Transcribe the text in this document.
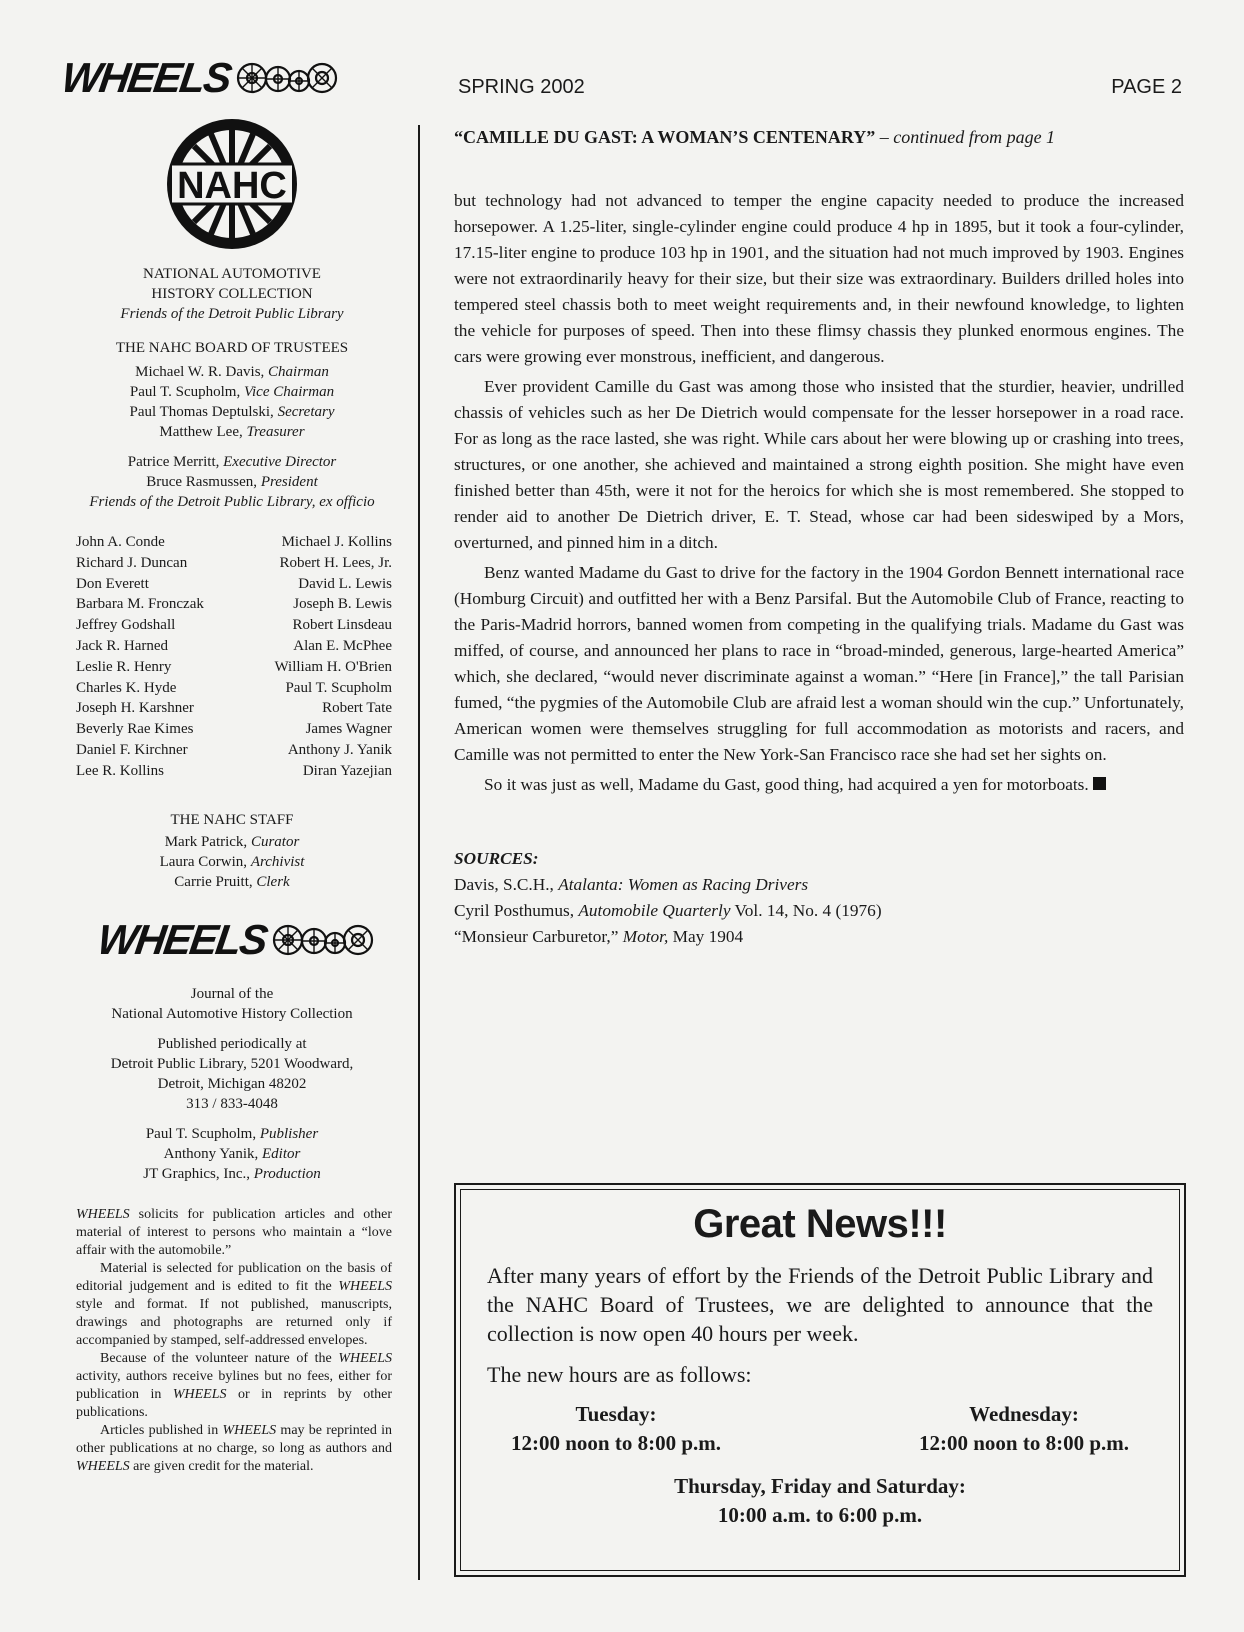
WHEELS
NAHC
NATIONAL AUTOMOTIVE
HISTORY COLLECTION
Friends of the Detroit Public Library
THE NAHC BOARD OF TRUSTEES
Michael W. R. Davis, Chairman
Paul T. Scupholm, Vice Chairman
Paul Thomas Deptulski, Secretary
Matthew Lee, Treasurer
Patrice Merritt, Executive Director
Bruce Rasmussen, President
Friends of the Detroit Public Library, ex officio
John A. Conde
Richard J. Duncan
Don Everett
Barbara M. Fronczak
Jeffrey Godshall
Jack R. Harned
Leslie R. Henry
Charles K. Hyde
Joseph H. Karshner
Beverly Rae Kimes
Daniel F. Kirchner
Lee R. Kollins
Michael J. Kollins
Robert H. Lees, Jr.
David L. Lewis
Joseph B. Lewis
Robert Linsdeau
Alan E. McPhee
William H. O'Brien
Paul T. Scupholm
Robert Tate
James Wagner
Anthony J. Yanik
Diran Yazejian
THE NAHC STAFF
Mark Patrick, Curator
Laura Corwin, Archivist
Carrie Pruitt, Clerk
WHEELS
Journal of the
National Automotive History Collection
Published periodically at
Detroit Public Library, 5201 Woodward,
Detroit, Michigan 48202
313 / 833-4048
Paul T. Scupholm, Publisher
Anthony Yanik, Editor
JT Graphics, Inc., Production

WHEELS solicits for publication articles and other material of interest to persons who maintain a “love affair with the automobile.”

Material is selected for publication on the basis of editorial judgement and is edited to fit the WHEELS style and format. If not published, manuscripts, drawings and photographs are returned only if accompanied by stamped, self-addressed envelopes.

Because of the volunteer nature of the WHEELS activity, authors receive bylines but no fees, either for publication in WHEELS or in reprints by other publications.

Articles published in WHEELS may be reprinted in other publications at no charge, so long as authors and WHEELS are given credit for the material.

SPRING 2002	PAGE 2
“CAMILLE DU GAST: A WOMAN’S CENTENARY” – continued from page 1

but technology had not advanced to temper the engine capacity needed to produce the increased horsepower. A 1.25-liter, single-cylinder engine could produce 4 hp in 1895, but it took a four-cylinder, 17.15-liter engine to produce 103 hp in 1901, and the situation had not much improved by 1903. Engines were not extraordinarily heavy for their size, but their size was extraordinary. Builders drilled holes into tempered steel chassis both to meet weight requirements and, in their newfound knowledge, to lighten the vehicle for purposes of speed. Then into these flimsy chassis they plunked enormous engines. The cars were growing ever monstrous, inefficient, and dangerous.

Ever provident Camille du Gast was among those who insisted that the sturdier, heavier, undrilled chassis of vehicles such as her De Dietrich would compensate for the lesser horsepower in a road race. For as long as the race lasted, she was right. While cars about her were blowing up or crashing into trees, structures, or one another, she achieved and maintained a strong eighth position. She might have even finished better than 45th, were it not for the heroics for which she is most remembered. She stopped to render aid to another De Dietrich driver, E. T. Stead, whose car had been sideswiped by a Mors, overturned, and pinned him in a ditch.

Benz wanted Madame du Gast to drive for the factory in the 1904 Gordon Bennett international race (Homburg Circuit) and outfitted her with a Benz Parsifal. But the Automobile Club of France, reacting to the Paris-Madrid horrors, banned women from competing in the qualifying trials. Madame du Gast was miffed, of course, and announced her plans to race in “broad-minded, generous, large-hearted America” which, she declared, “would never discriminate against a woman.” “Here [in France],” the tall Parisian fumed, “the pygmies of the Automobile Club are afraid lest a woman should win the cup.” Unfortunately, American women were themselves struggling for full accommodation as motorists and racers, and Camille was not permitted to enter the New York-San Francisco race she had set her sights on.

So it was just as well, Madame du Gast, good thing, had acquired a yen for motorboats.

SOURCES:

Davis, S.C.H., Atalanta: Women as Racing Drivers

Cyril Posthumus, Automobile Quarterly Vol. 14, No. 4 (1976)

“Monsieur Carburetor,” Motor, May 1904

Great News!!!

After many years of effort by the Friends of the Detroit Public Library and the NAHC Board of Trustees, we are delighted to announce that the collection is now open 40 hours per week.

The new hours are as follows:
Tuesday:
12:00 noon to 8:00 p.m.
Wednesday:
12:00 noon to 8:00 p.m.
Thursday, Friday and Saturday:
10:00 a.m. to 6:00 p.m.
